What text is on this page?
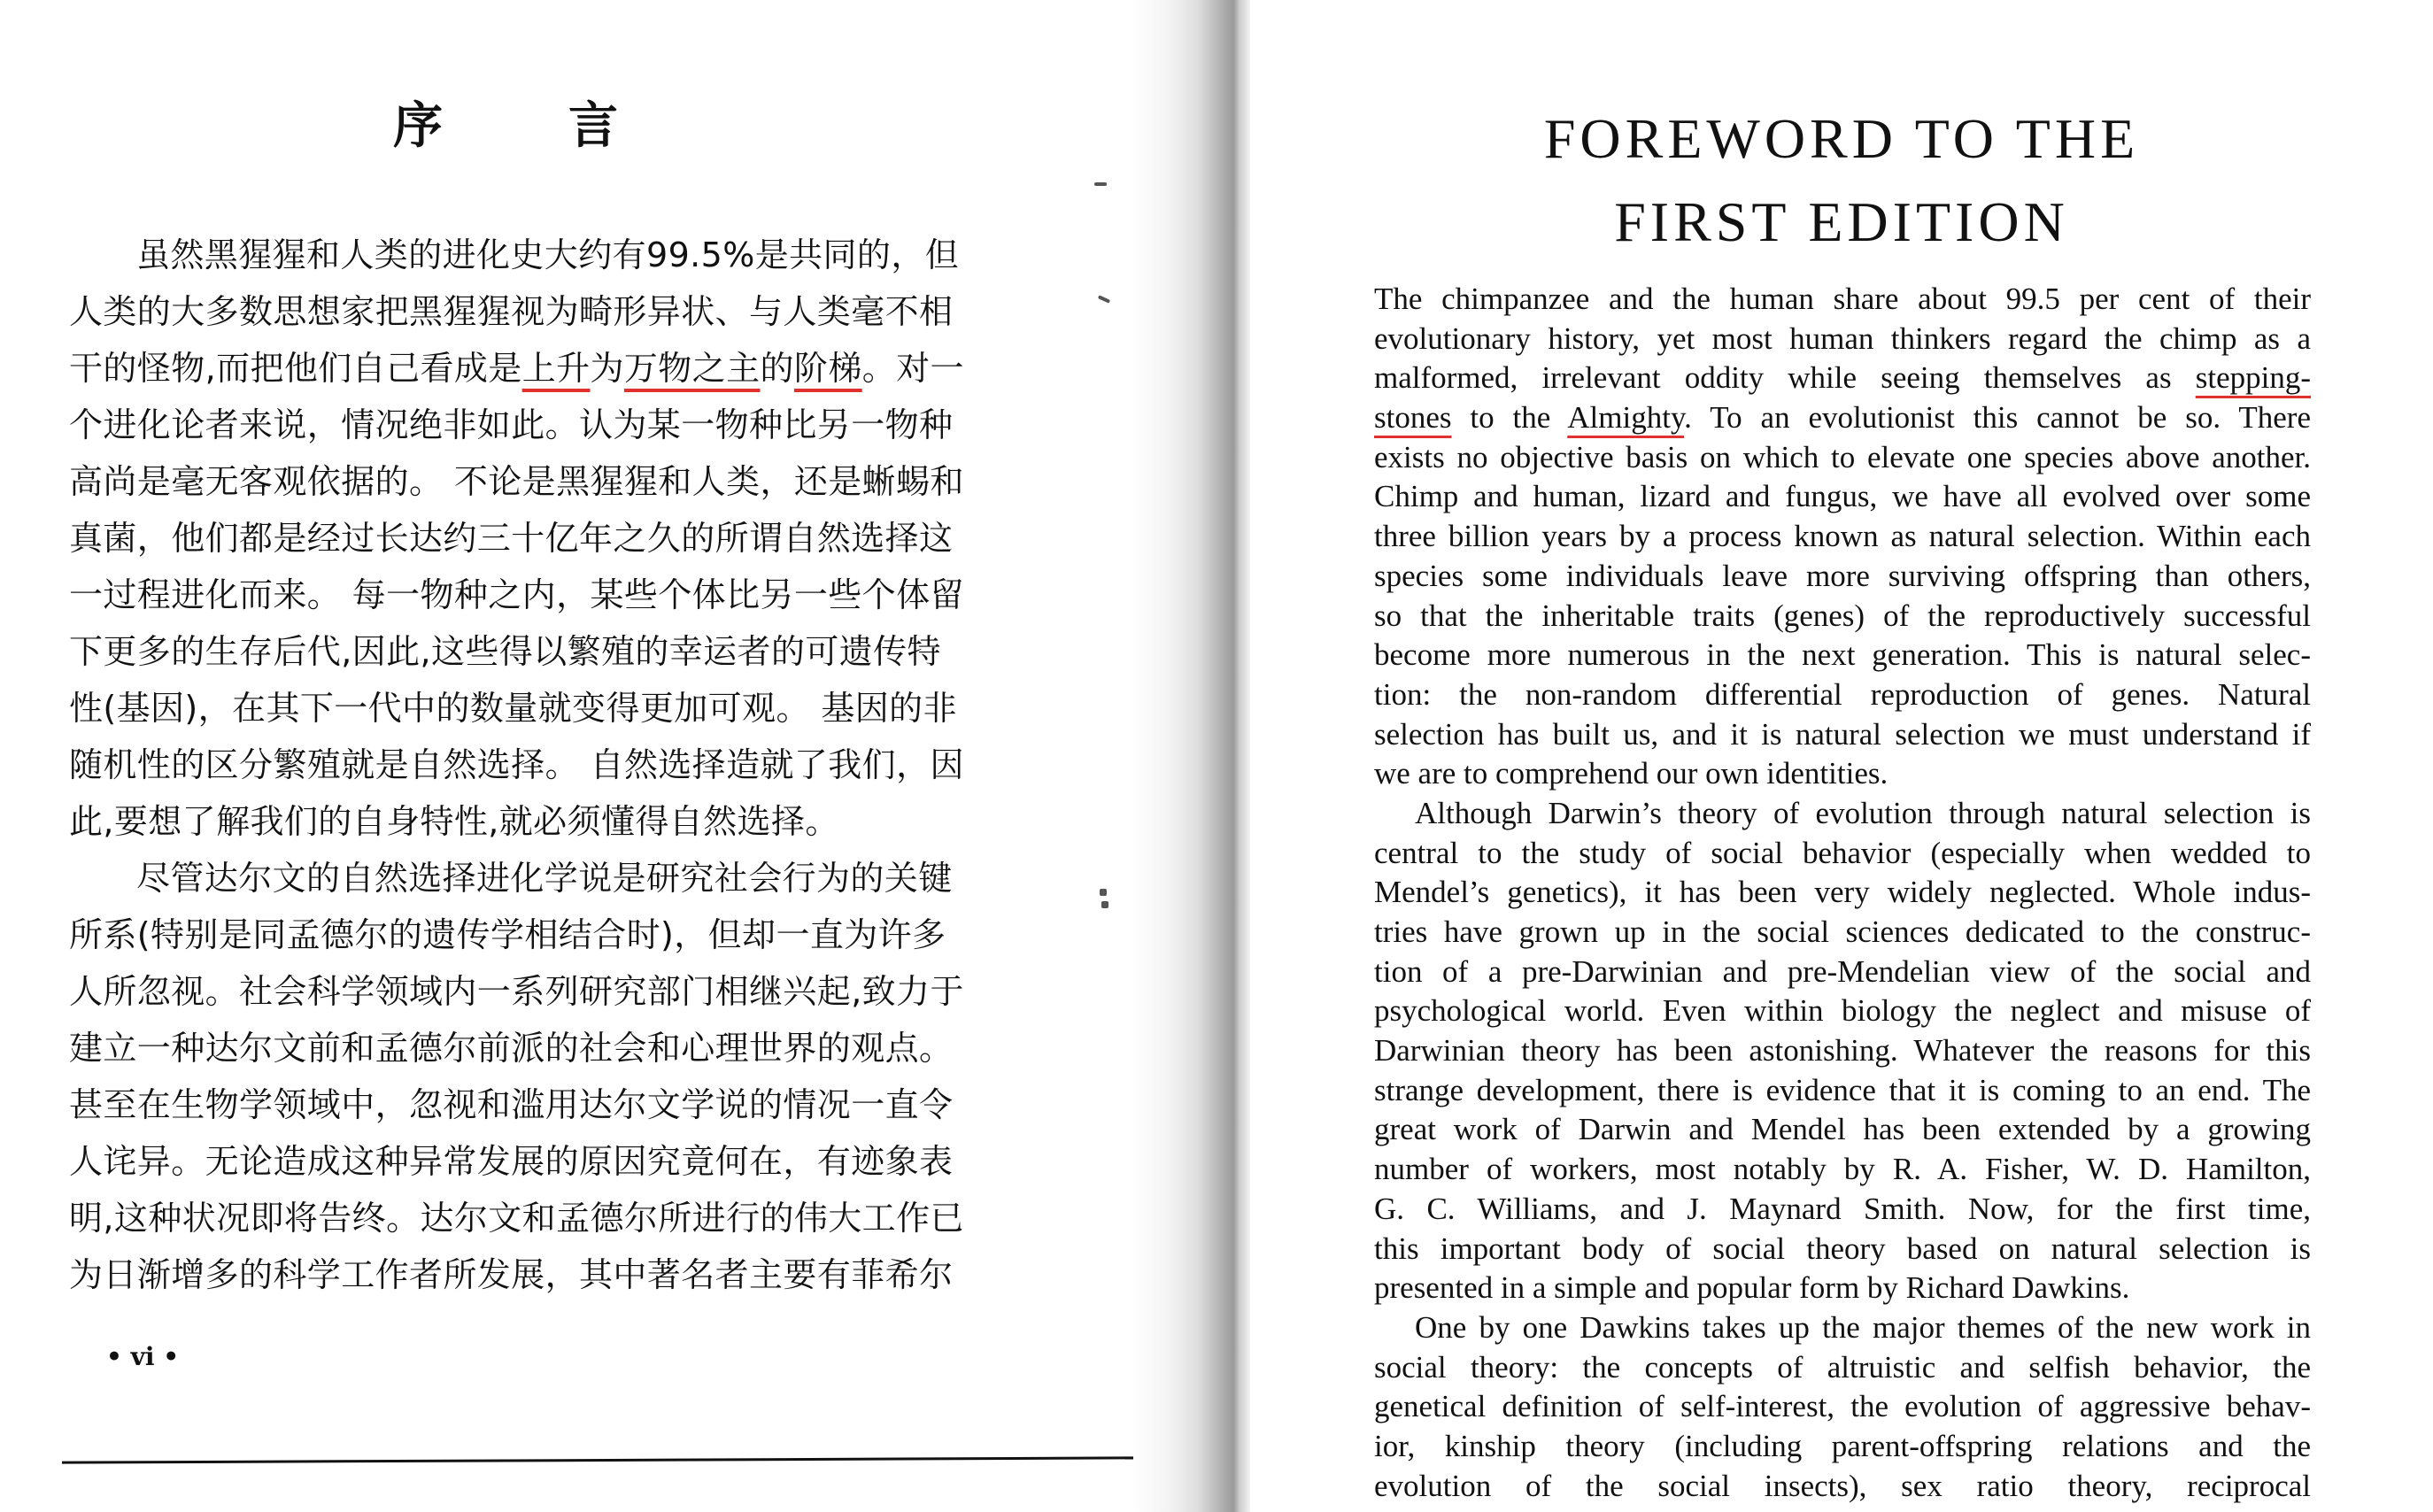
序	言
虽然黑猩猩和人类的进化史大约有99.5%是共同的，但
人类的大多数思想家把黑猩猩视为畸形异状、与人类毫不相
干的怪物,而把他们自己看成是上升为万物之主的阶梯。对一
个进化论者来说，情况绝非如此。认为某一物种比另一物种
高尚是毫无客观依据的。 不论是黑猩猩和人类，还是蜥蜴和
真菌，他们都是经过长达约三十亿年之久的所谓自然选择这
一过程进化而来。 每一物种之内，某些个体比另一些个体留
下更多的生存后代,因此,这些得以繁殖的幸运者的可遗传特
性(基因)，在其下一代中的数量就变得更加可观。 基因的非
随机性的区分繁殖就是自然选择。 自然选择造就了我们，因
此,要想了解我们的自身特性,就必须懂得自然选择。
尽管达尔文的自然选择进化学说是研究社会行为的关键
所系(特别是同孟德尔的遗传学相结合时)，但却一直为许多
人所忽视。社会科学领域内一系列研究部门相继兴起,致力于
建立一种达尔文前和孟德尔前派的社会和心理世界的观点。
甚至在生物学领域中，忽视和滥用达尔文学说的情况一直令
人诧异。无论造成这种异常发展的原因究竟何在，有迹象表
明,这种状况即将告终。达尔文和孟德尔所进行的伟大工作已
为日渐增多的科学工作者所发展，其中著名者主要有菲希尔
• vi •
FOREWORD TO THE
FIRST EDITION
The chimpanzee and the human share about 99.5 per cent of their
evolutionary history, yet most human thinkers regard the chimp as a
malformed, irrelevant oddity while seeing themselves as stepping-
stones to the Almighty. To an evolutionist this cannot be so. There
exists no objective basis on which to elevate one species above another.
Chimp and human, lizard and fungus, we have all evolved over some
three billion years by a process known as natural selection. Within each
species some individuals leave more surviving offspring than others,
so that the inheritable traits (genes) of the reproductively successful
become more numerous in the next generation. This is natural selec-
tion: the non-random differential reproduction of genes. Natural
selection has built us, and it is natural selection we must understand if
we are to comprehend our own identities.
Although Darwin’s theory of evolution through natural selection is
central to the study of social behavior (especially when wedded to
Mendel’s genetics), it has been very widely neglected. Whole indus-
tries have grown up in the social sciences dedicated to the construc-
tion of a pre-Darwinian and pre-Mendelian view of the social and
psychological world. Even within biology the neglect and misuse of
Darwinian theory has been astonishing. Whatever the reasons for this
strange development, there is evidence that it is coming to an end. The
great work of Darwin and Mendel has been extended by a growing
number of workers, most notably by R. A. Fisher, W. D. Hamilton,
G. C. Williams, and J. Maynard Smith. Now, for the first time,
this important body of social theory based on natural selection is
presented in a simple and popular form by Richard Dawkins.
One by one Dawkins takes up the major themes of the new work in
social theory: the concepts of altruistic and selfish behavior, the
genetical definition of self-interest, the evolution of aggressive behav-
ior, kinship theory (including parent-offspring relations and the
evolution of the social insects), sex ratio theory, reciprocal
